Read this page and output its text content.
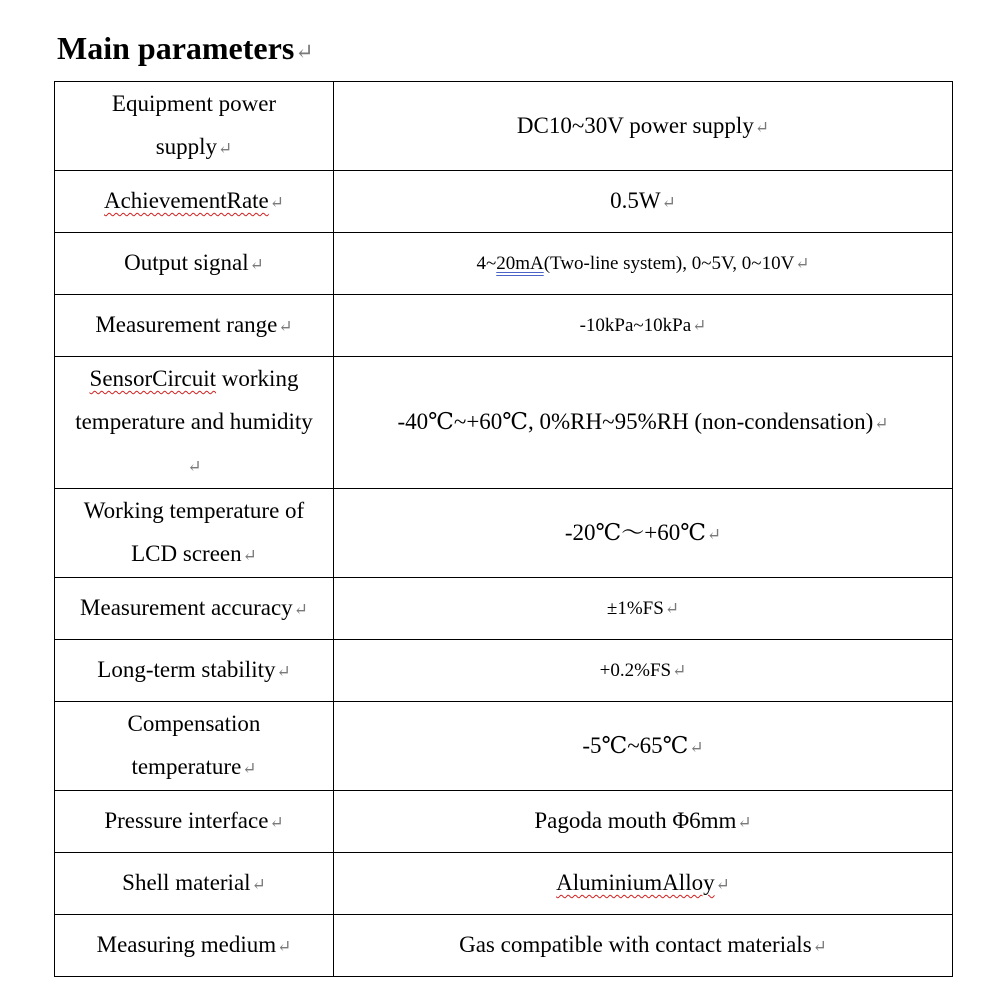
Main parameters↵
Equipment power supply↵	DC10~30V power supply↵
AchievementRate↵	0.5W↵
Output signal↵	4~20mA(Two-line system), 0~5V, 0~10V↵
Measurement range↵	-10kPa~10kPa↵
SensorCircuit working temperature and humidity↵	-40℃~+60℃, 0%RH~95%RH (non-condensation)↵
Working temperature of LCD screen↵	-20℃～+60℃↵
Measurement accuracy↵	±1%FS↵
Long-term stability↵	+0.2%FS↵
Compensation temperature↵	-5℃~65℃↵
Pressure interface↵	Pagoda mouth Φ6mm↵
Shell material↵	AluminiumAlloy↵
Measuring medium↵	Gas compatible with contact materials↵
